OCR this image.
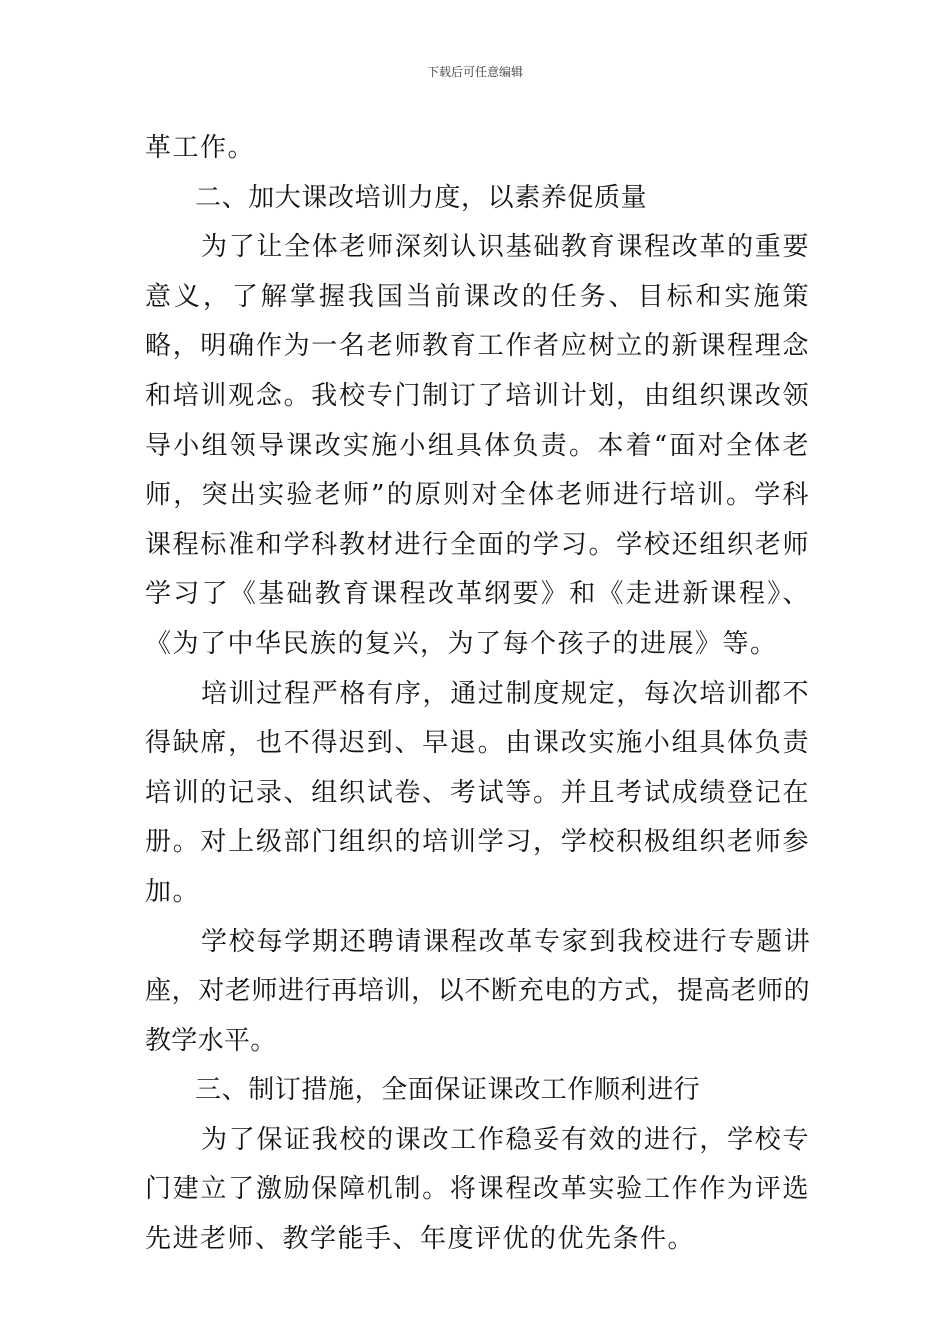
下载后可任意编辑

革工作。

二、加大课改培训力度，以素养促质量

为了让全体老师深刻认识基础教育课程改革的重要意义，了解掌握我国当前课改的任务、目标和实施策略，明确作为一名老师教育工作者应树立的新课程理念和培训观念。我校专门制订了培训计划，由组织课改领导小组领导课改实施小组具体负责。本着“面对全体老师，突出实验老师”的原则对全体老师进行培训。学科课程标准和学科教材进行全面的学习。学校还组织老师学习了《基础教育课程改革纲要》和《走进新课程》、《为了中华民族的复兴，为了每个孩子的进展》等。

培训过程严格有序，通过制度规定，每次培训都不得缺席，也不得迟到、早退。由课改实施小组具体负责培训的记录、组织试卷、考试等。并且考试成绩登记在册。对上级部门组织的培训学习，学校积极组织老师参加。

学校每学期还聘请课程改革专家到我校进行专题讲座，对老师进行再培训，以不断充电的方式，提高老师的教学水平。

三、制订措施，全面保证课改工作顺利进行

为了保证我校的课改工作稳妥有效的进行，学校专门建立了激励保障机制。将课程改革实验工作作为评选先进老师、教学能手、年度评优的优先条件。
